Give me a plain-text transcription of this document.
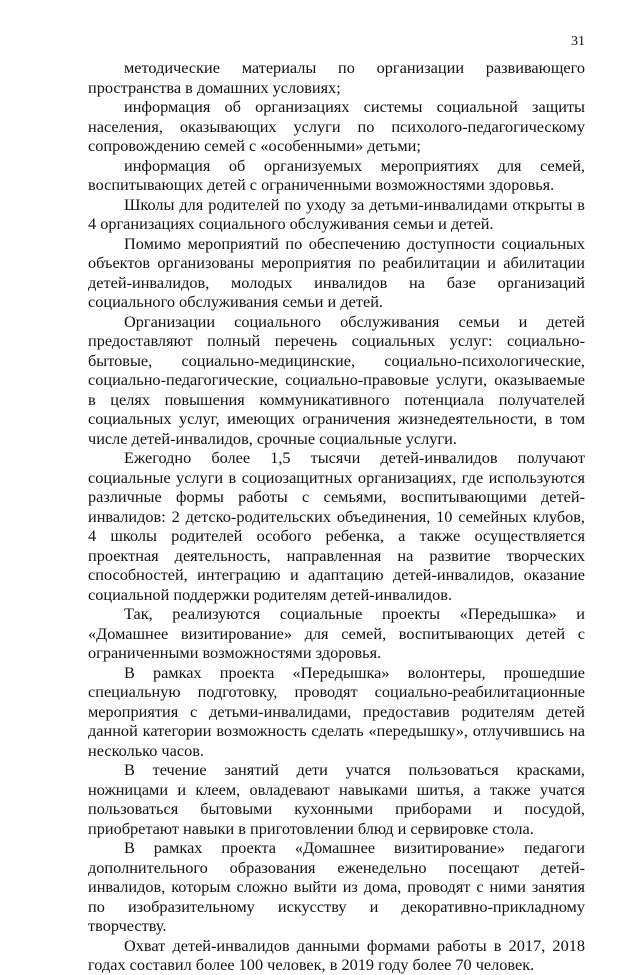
31

методические материалы по организации развивающего пространства в домашних условиях;

информация об организациях системы социальной защиты населения, оказывающих услуги по психолого-педагогическому сопровождению семей с «особенными» детьми;

информация об организуемых мероприятиях для семей, воспитывающих детей с ограниченными возможностями здоровья.

Школы для родителей по уходу за детьми-инвалидами открыты в 4 организациях социального обслуживания семьи и детей.

Помимо мероприятий по обеспечению доступности социальных объектов организованы мероприятия по реабилитации и абилитации детей-инвалидов, молодых инвалидов на базе организаций социального обслуживания семьи и детей.

Организации социального обслуживания семьи и детей предоставляют полный перечень социальных услуг: социально-бытовые, социально-медицинские, социально-психологические, социально-педагогические, социально-правовые услуги, оказываемые в целях повышения коммуникативного потенциала получателей социальных услуг, имеющих ограничения жизнедеятельности, в том числе детей-инвалидов, срочные социальные услуги.

Ежегодно более 1,5 тысячи детей-инвалидов получают социальные услуги в социозащитных организациях, где используются различные формы работы с семьями, воспитывающими детей-инвалидов: 2 детско-родительских объединения, 10 семейных клубов, 4 школы родителей особого ребенка, а также осуществляется проектная деятельность, направленная на развитие творческих способностей, интеграцию и адаптацию детей-инвалидов, оказание социальной поддержки родителям детей-инвалидов.

Так, реализуются социальные проекты «Передышка» и «Домашнее визитирование» для семей, воспитывающих детей с ограниченными возможностями здоровья.

В рамках проекта «Передышка» волонтеры, прошедшие специальную подготовку, проводят социально-реабилитационные мероприятия с детьми-инвалидами, предоставив родителям детей данной категории возможность сделать «передышку», отлучившись на несколько часов.

В течение занятий дети учатся пользоваться красками, ножницами и клеем, овладевают навыками шитья, а также учатся пользоваться бытовыми кухонными приборами и посудой, приобретают навыки в приготовлении блюд и сервировке стола.

В рамках проекта «Домашнее визитирование» педагоги дополнительного образования еженедельно посещают детей-инвалидов, которым сложно выйти из дома, проводят с ними занятия по изобразительному искусству и декоративно-прикладному творчеству.

Охват детей-инвалидов данными формами работы в 2017, 2018 годах составил более 100 человек, в 2019 году более 70 человек.
